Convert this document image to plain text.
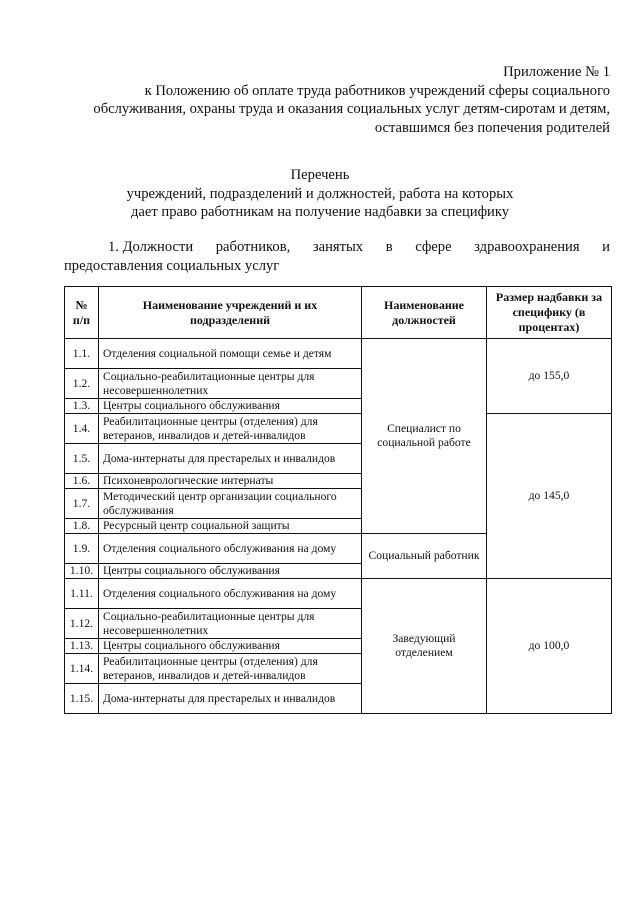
Приложение № 1
к Положению об оплате труда работников учреждений сферы социального
обслуживания, охраны труда и оказания социальных услуг детям-сиротам и детям,
оставшимся без попечения родителей
Перечень
учреждений, подразделений и должностей, работа на которых
дает право работникам на получение надбавки за специфику
1. Должности работников, занятых в сфере здравоохранения и
предоставления социальных услуг
№ п/п	Наименование учреждений и их подразделений	Наименование должностей	Размер надбавки за специфику (в процентах)
1.1.	Отделения социальной помощи семье и детям	Специалист по социальной работе	до 155,0
1.2.	Социально-реабилитационные центры для несовершеннолетних		
1.3.	Центры социального обслуживания		
1.4.	Реабилитационные центры (отделения) для ветеранов, инвалидов и детей-инвалидов		до 145,0
1.5.	Дома-интернаты для престарелых и инвалидов		
1.6.	Психоневрологические интернаты		
1.7.	Методический центр организации социального обслуживания		
1.8.	Ресурсный центр социальной защиты		
1.9.	Отделения социального обслуживания на дому	Социальный работник	
1.10.	Центры социального обслуживания		
1.11.	Отделения социального обслуживания на дому	Заведующий отделением	до 100,0
1.12.	Социально-реабилитационные центры для несовершеннолетних		
1.13.	Центры социального обслуживания		
1.14.	Реабилитационные центры (отделения) для ветеранов, инвалидов и детей-инвалидов		
1.15.	Дома-интернаты для престарелых и инвалидов		
